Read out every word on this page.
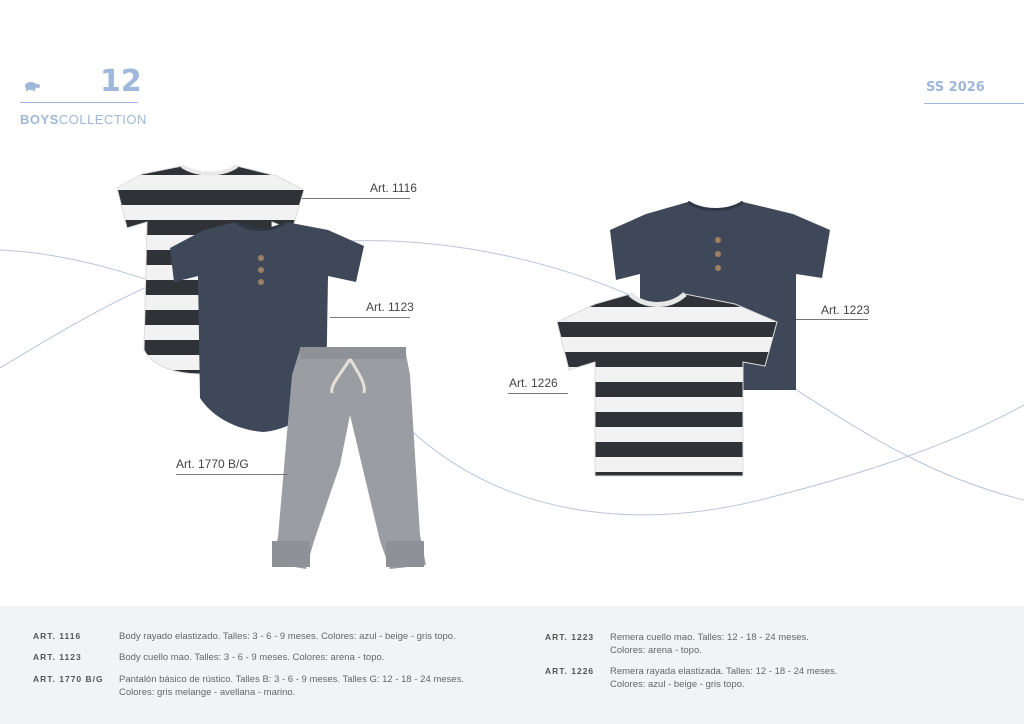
12
BOYSCOLLECTION
SS 2026
Art. 1116
Art. 1123
Art. 1770 B/G
Art. 1223
Art. 1226
ART. 1116	Body rayado elastizado. Talles: 3 - 6 - 9 meses. Colores: azul - beige - gris topo.
ART. 1123	Body cuello mao. Talles: 3 - 6 - 9 meses. Colores: arena - topo.
ART. 1770 B/G Pantalón básico de rústico. Talles B: 3 - 6 - 9 meses. Talles G: 12 - 18 - 24 meses.
Colores: gris melange - avellana - marino.
ART. 1223 Remera cuello mao. Talles: 12 - 18 - 24 meses.
Colores: arena - topo.
ART. 1226 Remera rayada elastizada. Talles: 12 - 18 - 24 meses.
Colores: azul - beige - gris topo.
